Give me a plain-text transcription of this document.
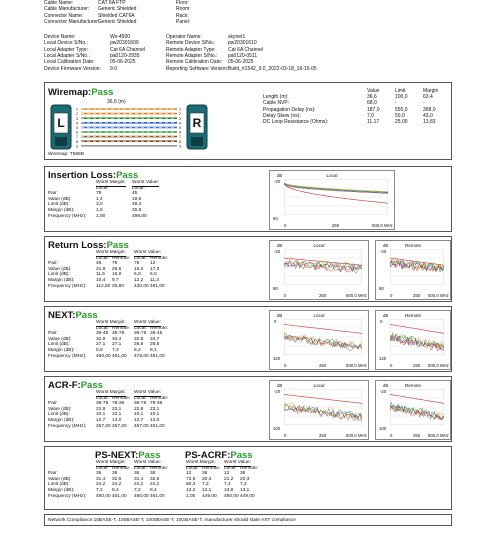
Cable Name:	CAT 6A FTP	Floor:
Cable Manufacturer: Generic Shielded	Room:
Connector Name:	Shielded CAT6A	Rack:
Connector Manufacturer:
Generic Shielded	Panel:
Device Name:	Wx-4500
Local Device S/No.:	pw20301609
Local Adapter Type:	Cat 6A Channel
Local Adapter S/No.:	pa0120-2935
Local Calibration Date:	05-06-2025
Device Firmware Version: 9.0
Operator Name:	skynet1
Remote Device S/No.:	pw20301610
Remote Adapter Type: Cat 6A Channel
Remote Adapter S/No.: pa0120-0511
Remote Calibration Date: 05-06-2025
Reporting Software Version: Build_#1542_9.0_2022-03-18_16-15-05
Wiremap:Pass
36,6 (m)
L	R
1	1
2	2
3	3
4	4
5	5
6	6
7	7
8	8
S	S
Wiremap: T568B
Value	Limit	Margin
Length (m):	36,6	100,0	63,4
Cable NVP:	68,0	-	-
Propagation Delay (ns):	187,0	555,0	368,0
Delay Skew (ns):	7,0	50,0	43,0
DC Loop Resistance (Ohms):	11,17	25,00	13,83
Insertion Loss:Pass
Worst Margin: Worst Value:
Local:	Local:
Pair:	78	45
Value (dB):	1,4	18,6
Limit (dB):	3,0	49,2
Margin (dB):	1,6	30,6
Frequency (MHz): 1,90	498,00
dB	Local
-20
60
0	250	500,0 MHz
Return Loss:Pass
Worst Margin: Worst Value:
Local: Remote: Local: Remote:
Pair:	45 78	78 12
Value (dB):	21,9 26,6	18,2 17,3
Limit (dB):	11,5 16,9	6,0 6,0
Margin (dB):	10,4 9,7	12,2 11,3
Frequency (MHz): 112,50 26,80 430,00 481,00
dB	Local
-20
80
0	250	500,0 MHz
dB	Remote
-20
80
0	250 500,0 MHz
NEXT:Pass
Worst Margin: Worst Value:
Local: Remote: Local: Remote:
Pair:	36-45 36-78 36-78 36-45
Value (dB):	32,9 34,4	32,8 34,7
Limit (dB):	27,1 27,1	26,6 26,6
Margin (dB):	5,8 7,3	6,2 8,1
Frequency (MHz): 460,00 461,00 478,00 481,00
dB	Local
0
120
0	250	500,0 MHz
dB	Remote
0
120
0	250 500,0 MHz
ACR-F:Pass
Worst Margin: Worst Value:
Local: Remote: Local: Remote:
Pair:	36-78 78-36 36-78 78-36
Value (dB):	22,8 23,1	22,8 23,1
Limit (dB):	10,1 10,1	10,1 10,1
Margin (dB):	12,7 13,0	12,7 13,0
Frequency (MHz): 457,00 457,00 457,00 461,00
dB	Local
-20
100
0	250	500,0 MHz
dB	Remote
-20
100
0	250 500,0 MHz
PS-NEXT:Pass	PS-ACRF:Pass
Worst Margin: Worst Value:	Worst Margin: Worst Value:
Local: Remote: Local: Remote:	Local: Remote: Local: Remote:
Pair:	36 36	36 36	12 36	12 36
Value (dB):	31,4 32,6	31,4 32,6	73,5 20,3	21,2 20,3
Limit (dB):	24,2 24,2	24,2 24,2	60,3 7,2	7,4 7,2
Margin (dB):	7,2 8,4	7,2 8,4	13,2 13,1	13,8 13,1
Frequency (MHz): 460,00 461,00 460,00 461,00	1,00 449,00 450,00 449,00
Network Compliance:10BASE-T, 100BASE-T, 1000BASE-T, 10GBASE-T, manufacturer should state AXT compliance
